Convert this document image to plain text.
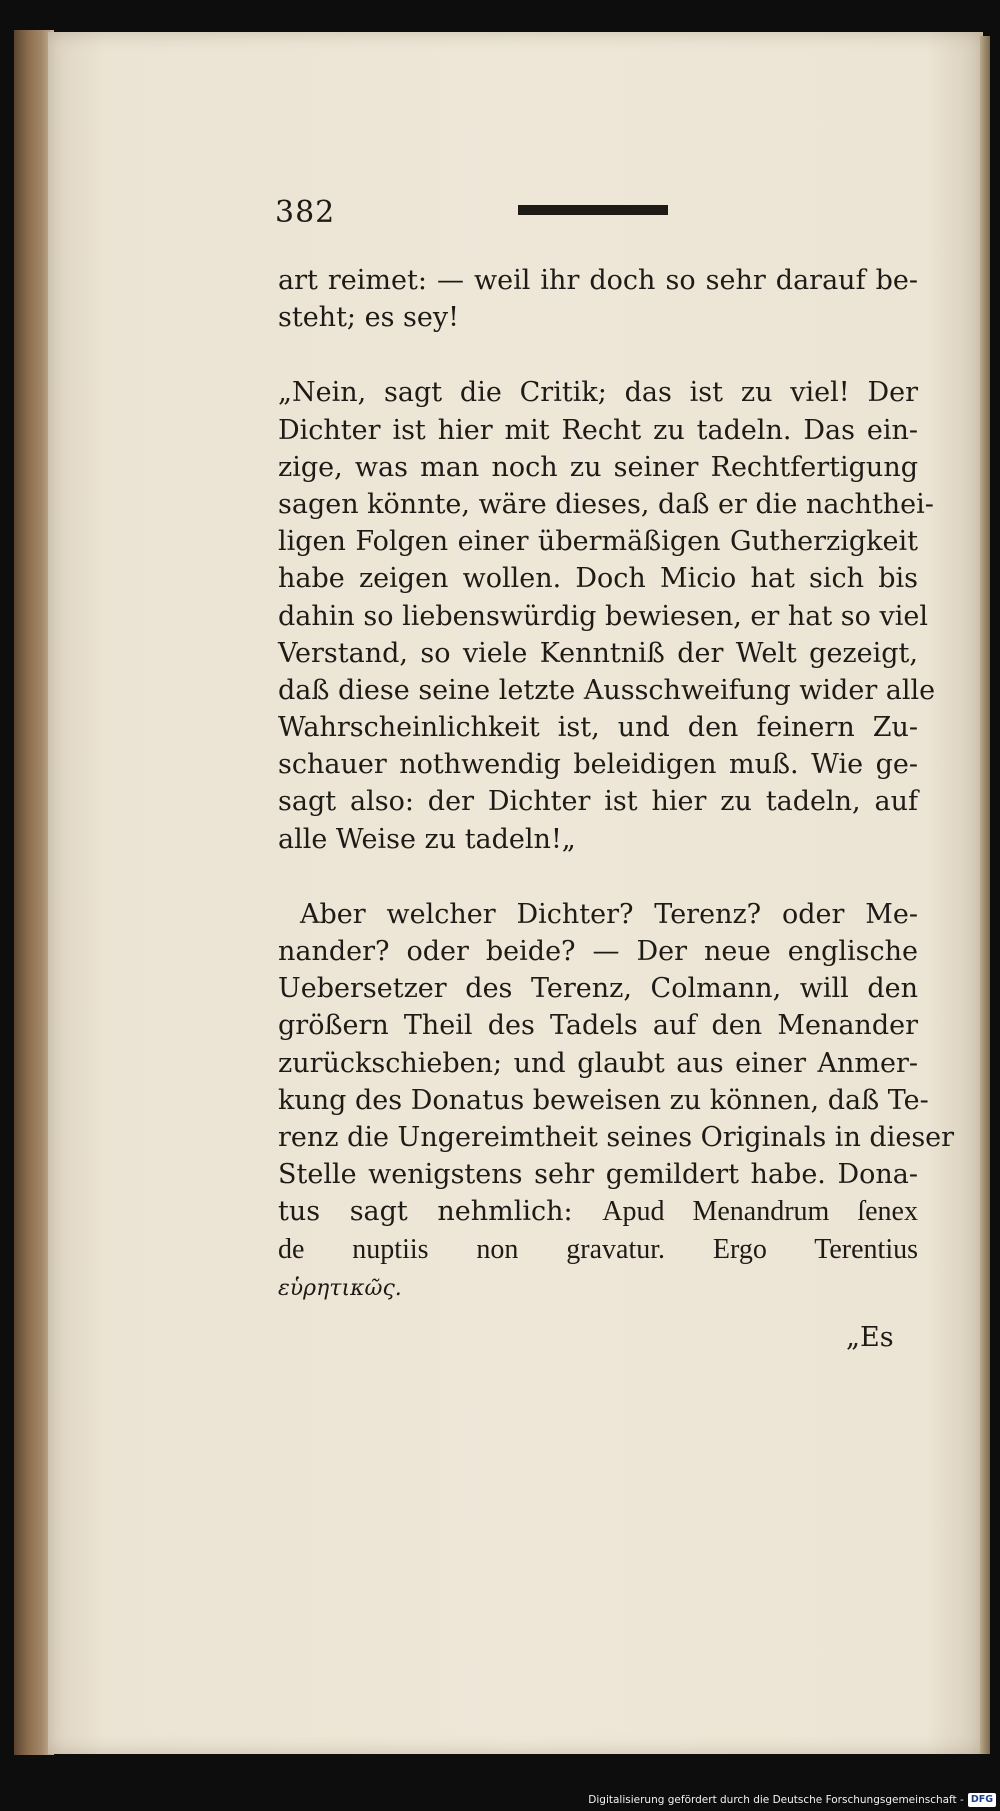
382
art reimet: — weil ihr doch so sehr darauf be-
steht; es sey!
„Nein, sagt die Critik; das ist zu viel! Der
Dichter ist hier mit Recht zu tadeln. Das ein-
zige, was man noch zu seiner Rechtfertigung
sagen könnte, wäre dieses, daß er die nachthei-
ligen Folgen einer übermäßigen Gutherzigkeit
habe zeigen wollen. Doch Micio hat sich bis
dahin so liebenswürdig bewiesen, er hat so viel
Verstand, so viele Kenntniß der Welt gezeigt,
daß diese seine letzte Ausschweifung wider alle
Wahrscheinlichkeit ist, und den feinern Zu-
schauer nothwendig beleidigen muß. Wie ge-
sagt also: der Dichter ist hier zu tadeln, auf
alle Weise zu tadeln!„
Aber welcher Dichter? Terenz? oder Me-
nander? oder beide? — Der neue englische
Uebersetzer des Terenz, Colmann, will den
größern Theil des Tadels auf den Menander
zurückschieben; und glaubt aus einer Anmer-
kung des Donatus beweisen zu können, daß Te-
renz die Ungereimtheit seines Originals in dieser
Stelle wenigstens sehr gemildert habe. Dona-
tus sagt nehmlich: Apud Menandrum ſenex
de nuptiis non gravatur. Ergo Terentius
εὑρητικῶς.
„Es
Digitalisierung gefördert durch die Deutsche Forschungsgemeinschaft - DFG
